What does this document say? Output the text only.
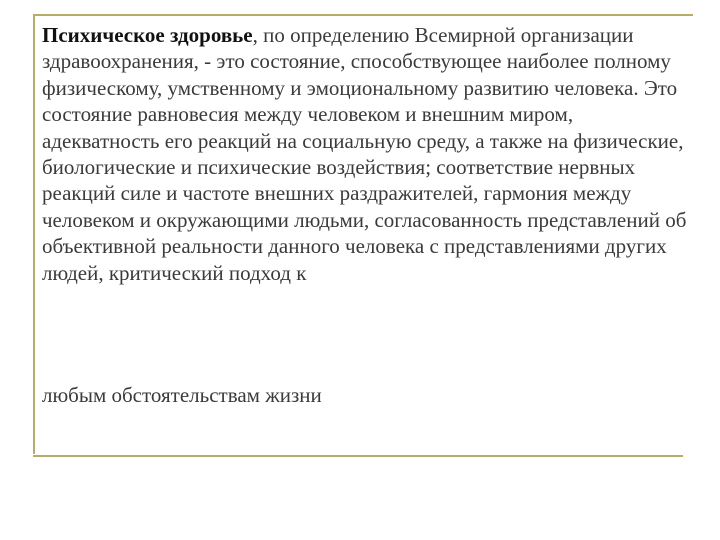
Психическое здоровье, по определению Всемирной организации здравоохранения, - это состояние, способствующее наиболее полному физическому, умственному и эмоциональному развитию человека. Это состояние равновесия между человеком и внешним миром, адекватность его реакций на социальную среду, а также на физические, биологические и психические воздействия; соответствие нервных реакций силе и частоте внешних раздражителей, гармония между человеком и окружающими людьми, согласованность представлений об объективной реальности данного человека с представлениями других людей, критический подход к

любым обстоятельствам жизни
